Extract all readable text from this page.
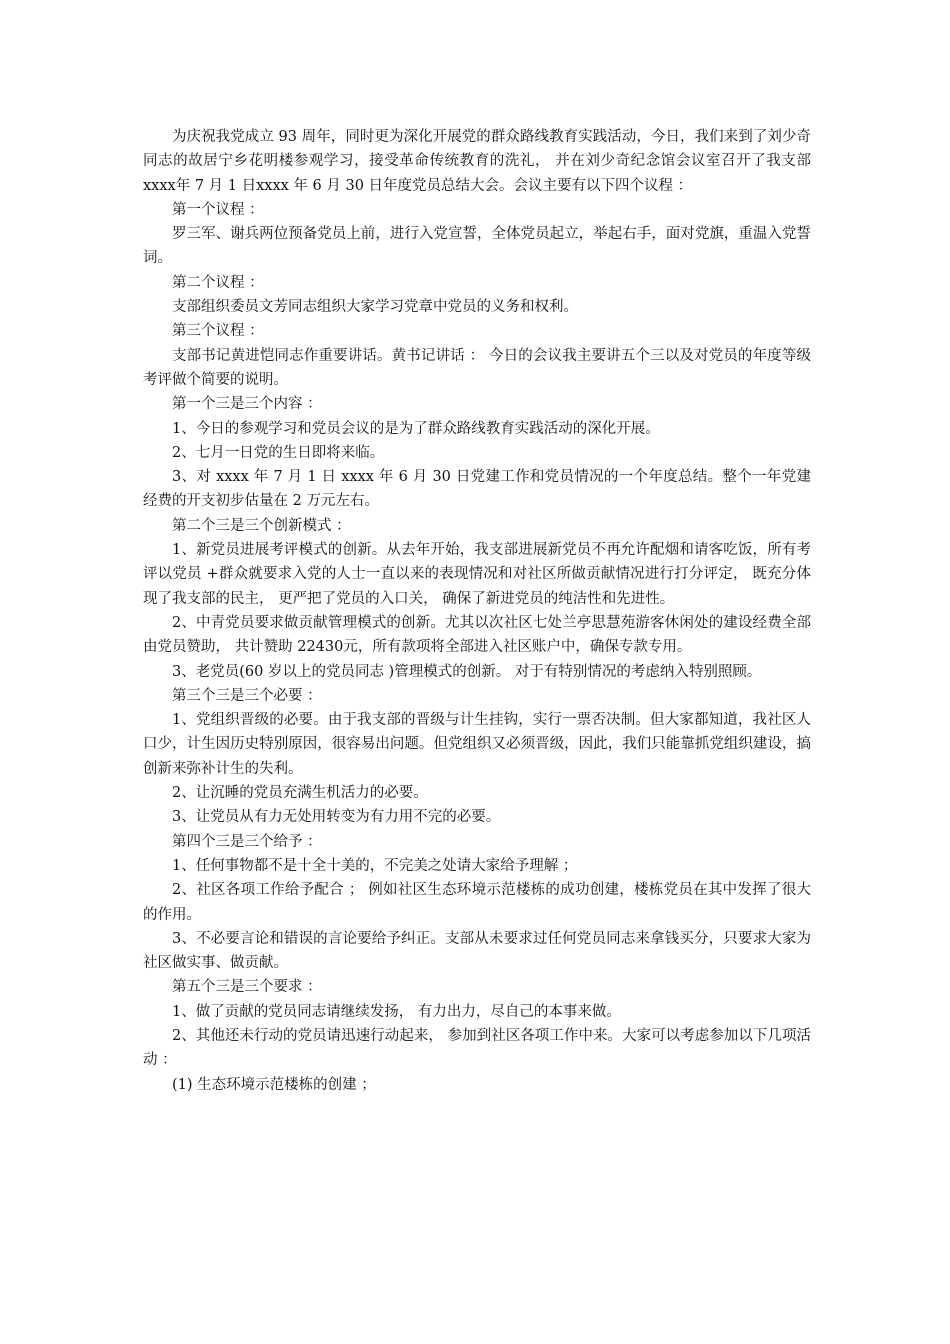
为庆祝我党成立 93 周年，同时更为深化开展党的群众路线教育实践活动，今日，我们来到了刘少奇同志的故居宁乡花明楼参观学习，接受革命传统教育的洗礼， 并在刘少奇纪念馆会议室召开了我支部 xxxx年 7 月 1 日xxxx 年 6 月 30 日年度党员总结大会。会议主要有以下四个议程 ：

第一个议程 ：

罗三军、谢兵两位预备党员上前，进行入党宣誓，全体党员起立，举起右手，面对党旗，重温入党誓词。

第二个议程 ：

支部组织委员文芳同志组织大家学习党章中党员的义务和权利。

第三个议程 ：

支部书记黄进恺同志作重要讲话。黄书记讲话 ： 今日的会议我主要讲五个三以及对党员的年度等级考评做个简要的说明。

第一个三是三个内容 ：

1、今日的参观学习和党员会议的是为了群众路线教育实践活动的深化开展。

2、七月一日党的生日即将来临。

3、对 xxxx 年 7 月 1 日 xxxx 年 6 月 30 日党建工作和党员情况的一个年度总结。整个一年党建经费的开支初步估量在 2 万元左右。

第二个三是三个创新模式 ：

1、新党员进展考评模式的创新。从去年开始，我支部进展新党员不再允许配烟和请客吃饭，所有考评以党员 +群众就要求入党的人士一直以来的表现情况和对社区所做贡献情况进行打分评定， 既充分体现了我支部的民主， 更严把了党员的入口关， 确保了新进党员的纯洁性和先进性。

2、中青党员要求做贡献管理模式的创新。尤其以次社区七处兰亭思慧苑游客休闲处的建设经费全部由党员赞助， 共计赞助 22430元，所有款项将全部进入社区账户中，确保专款专用。

3、老党员(60 岁以上的党员同志 )管理模式的创新。 对于有特别情况的考虑纳入特别照顾。

第三个三是三个必要 ：

1、党组织晋级的必要。由于我支部的晋级与计生挂钩，实行一票否决制。但大家都知道，我社区人口少，计生因历史特别原因，很容易出问题。但党组织又必须晋级，因此，我们只能靠抓党组织建设，搞创新来弥补计生的失利。

2、让沉睡的党员充满生机活力的必要。

3、让党员从有力无处用转变为有力用不完的必要。

第四个三是三个给予 ：

1、任何事物都不是十全十美的，不完美之处请大家给予理解 ；

2、社区各项工作给予配合 ； 例如社区生态环境示范楼栋的成功创建，楼栋党员在其中发挥了很大的作用。

3、不必要言论和错误的言论要给予纠正。支部从未要求过任何党员同志来拿钱买分，只要求大家为社区做实事、做贡献。

第五个三是三个要求 ：

1、做了贡献的党员同志请继续发扬， 有力出力，尽自己的本事来做。

2、其他还未行动的党员请迅速行动起来， 参加到社区各项工作中来。大家可以考虑参加以下几项活动 ：

(1) 生态环境示范楼栋的创建 ；
